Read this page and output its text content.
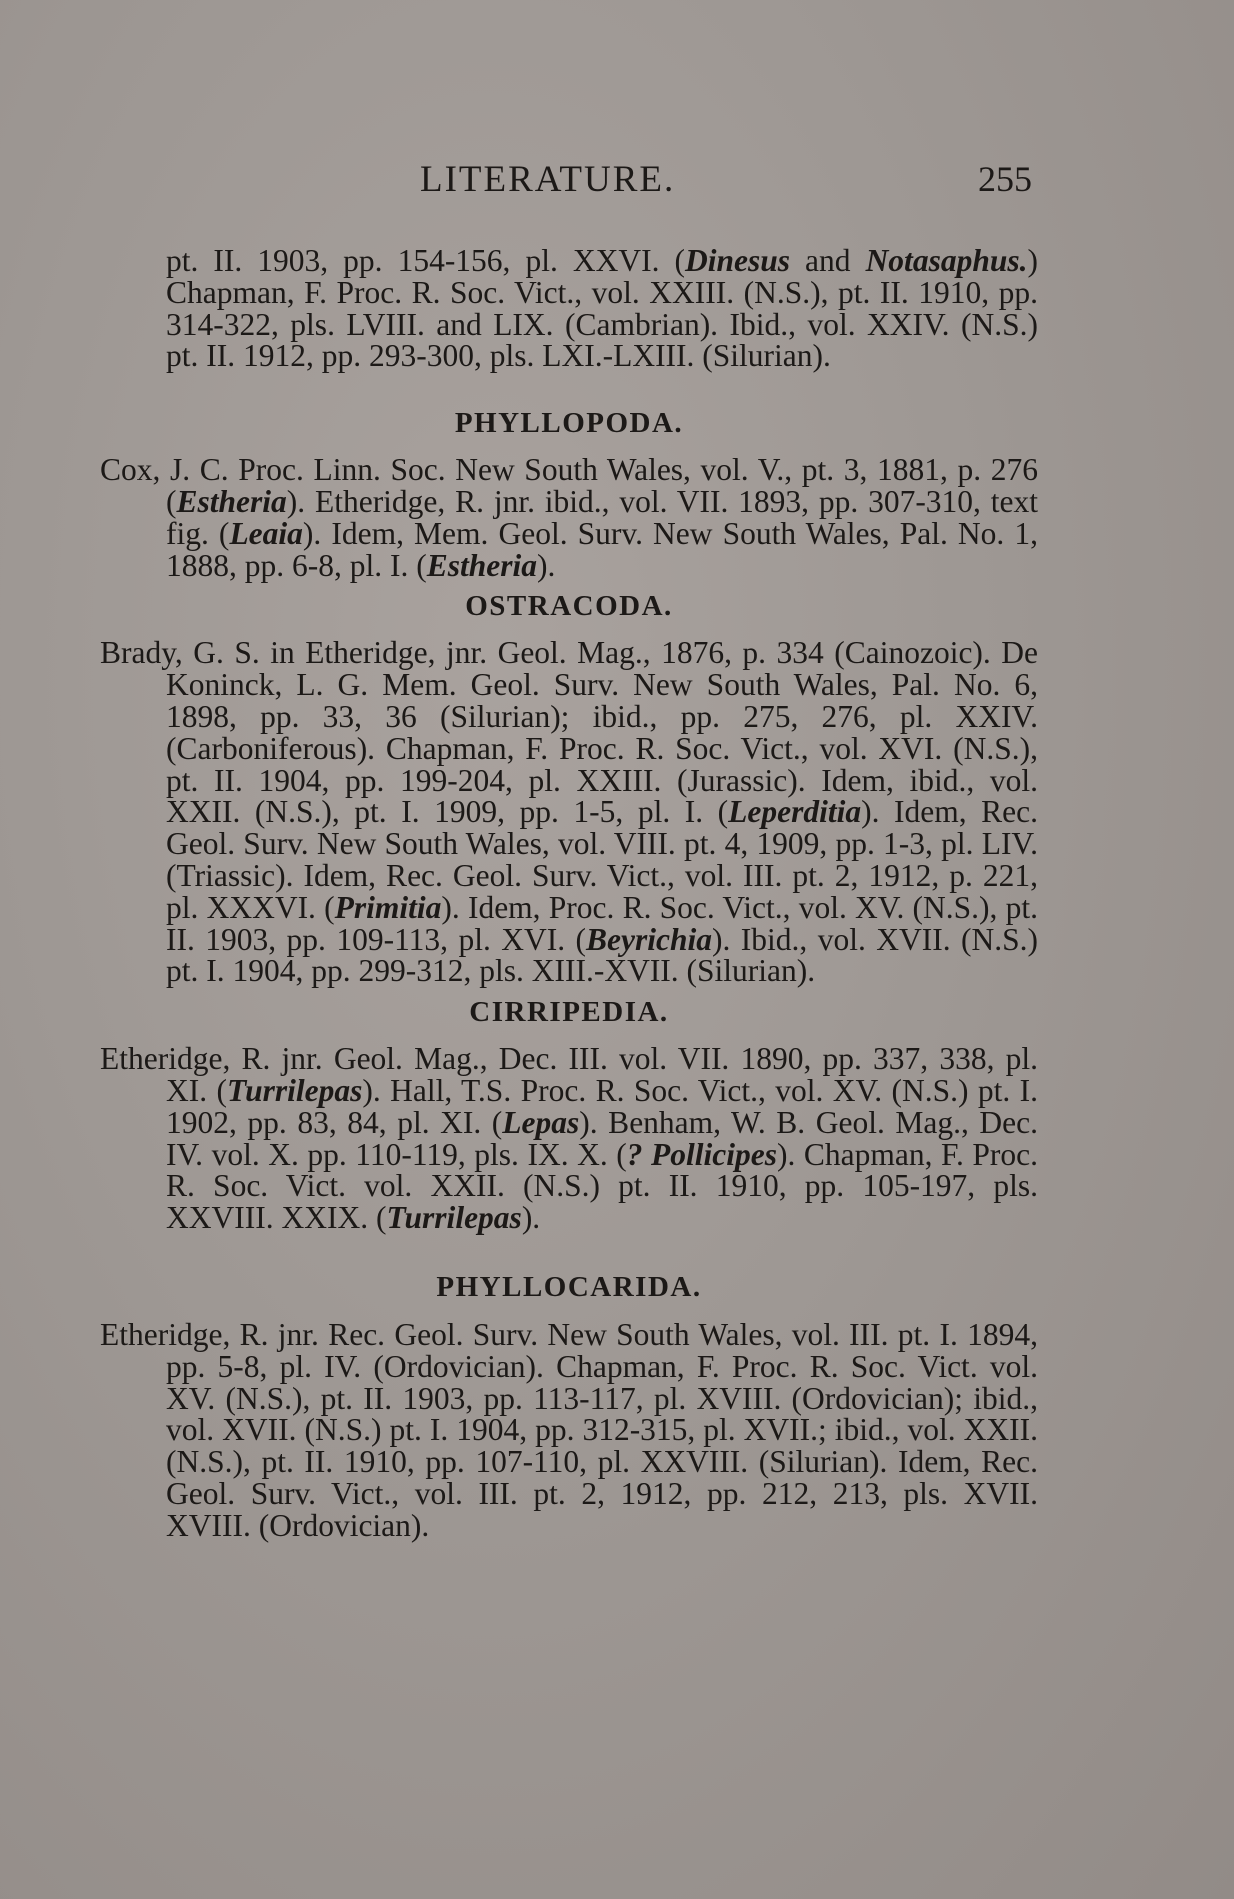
LITERATURE.	255

pt. II. 1903, pp. 154-156, pl. XXVI. (Dinesus and Notasaphus.) Chapman, F. Proc. R. Soc. Vict., vol. XXIII. (N.S.), pt. II. 1910, pp. 314-322, pls. LVIII. and LIX. (Cambrian). Ibid., vol. XXIV. (N.S.) pt. II. 1912, pp. 293-300, pls. LXI.-LXIII. (Silurian).

PHYLLOPODA.

Cox, J. C. Proc. Linn. Soc. New South Wales, vol. V., pt. 3, 1881, p. 276 (Estheria). Etheridge, R. jnr. ibid., vol. VII. 1893, pp. 307-310, text fig. (Leaia). Idem, Mem. Geol. Surv. New South Wales, Pal. No. 1, 1888, pp. 6-8, pl. I. (Estheria).

OSTRACODA.

Brady, G. S. in Etheridge, jnr. Geol. Mag., 1876, p. 334 (Cainozoic). De Koninck, L. G. Mem. Geol. Surv. New South Wales, Pal. No. 6, 1898, pp. 33, 36 (Silurian); ibid., pp. 275, 276, pl. XXIV. (Carboniferous). Chapman, F. Proc. R. Soc. Vict., vol. XVI. (N.S.), pt. II. 1904, pp. 199-204, pl. XXIII. (Jurassic). Idem, ibid., vol. XXII. (N.S.), pt. I. 1909, pp. 1-5, pl. I. (Leperditia). Idem, Rec. Geol. Surv. New South Wales, vol. VIII. pt. 4, 1909, pp. 1-3, pl. LIV. (Triassic). Idem, Rec. Geol. Surv. Vict., vol. III. pt. 2, 1912, p. 221, pl. XXXVI. (Primitia). Idem, Proc. R. Soc. Vict., vol. XV. (N.S.), pt. II. 1903, pp. 109-113, pl. XVI. (Beyrichia). Ibid., vol. XVII. (N.S.) pt. I. 1904, pp. 299-312, pls. XIII.-XVII. (Silurian).

CIRRIPEDIA.

Etheridge, R. jnr. Geol. Mag., Dec. III. vol. VII. 1890, pp. 337, 338, pl. XI. (Turrilepas). Hall, T.S. Proc. R. Soc. Vict., vol. XV. (N.S.) pt. I. 1902, pp. 83, 84, pl. XI. (Lepas). Benham, W. B. Geol. Mag., Dec. IV. vol. X. pp. 110-119, pls. IX. X. (? Pollicipes). Chapman, F. Proc. R. Soc. Vict. vol. XXII. (N.S.) pt. II. 1910, pp. 105-197, pls. XXVIII. XXIX. (Turrilepas).

PHYLLOCARIDA.

Etheridge, R. jnr. Rec. Geol. Surv. New South Wales, vol. III. pt. I. 1894, pp. 5-8, pl. IV. (Ordovician). Chapman, F. Proc. R. Soc. Vict. vol. XV. (N.S.), pt. II. 1903, pp. 113-117, pl. XVIII. (Ordovician); ibid., vol. XVII. (N.S.) pt. I. 1904, pp. 312-315, pl. XVII.; ibid., vol. XXII. (N.S.), pt. II. 1910, pp. 107-110, pl. XXVIII. (Silurian). Idem, Rec. Geol. Surv. Vict., vol. III. pt. 2, 1912, pp. 212, 213, pls. XVII. XVIII. (Ordovician).
